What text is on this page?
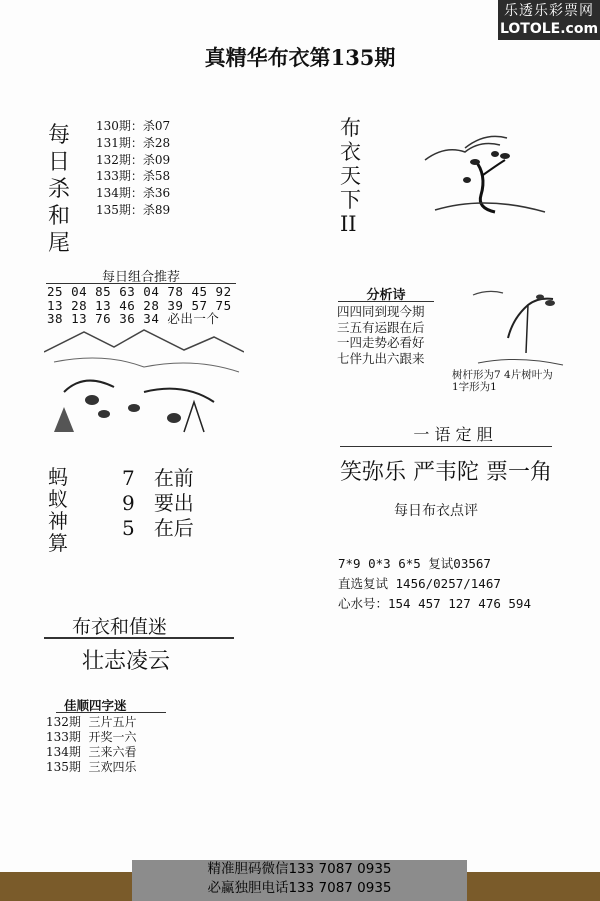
乐透乐彩票网
LOTOLE.com
真精华布衣第135期
每
日
杀
和
尾
130期：杀07
131期：杀28
132期：杀09
133期：杀58
134期：杀36
135期：杀89
布
衣
天
下
II
每日组合推荐
25 04 85 63 04 78 45 92
13 28 13 46 28 39 57 75
38 13 76 36 34 必出一个
分析诗
四四同到现今期
三五有运跟在后
一四走势必看好
七伴九出六跟来
树杆形为7 4片树叶为
1字形为1
一 语 定 胆
笑弥乐 严韦陀 票一角
蚂
蚁
神
算
7 在前
9 要出
5 在后
每日布衣点评
7*9 0*3 6*5 复试03567
直选复试 1456/0257/1467
心水号：154 457 127 476 594
布衣和值迷
壮志凌云
佳顺四字迷
132期 三片五片
133期 开奖一六
134期 三来六看
135期 三欢四乐
精准胆码微信133 7087 0935
必赢独胆电话133 7087 0935
